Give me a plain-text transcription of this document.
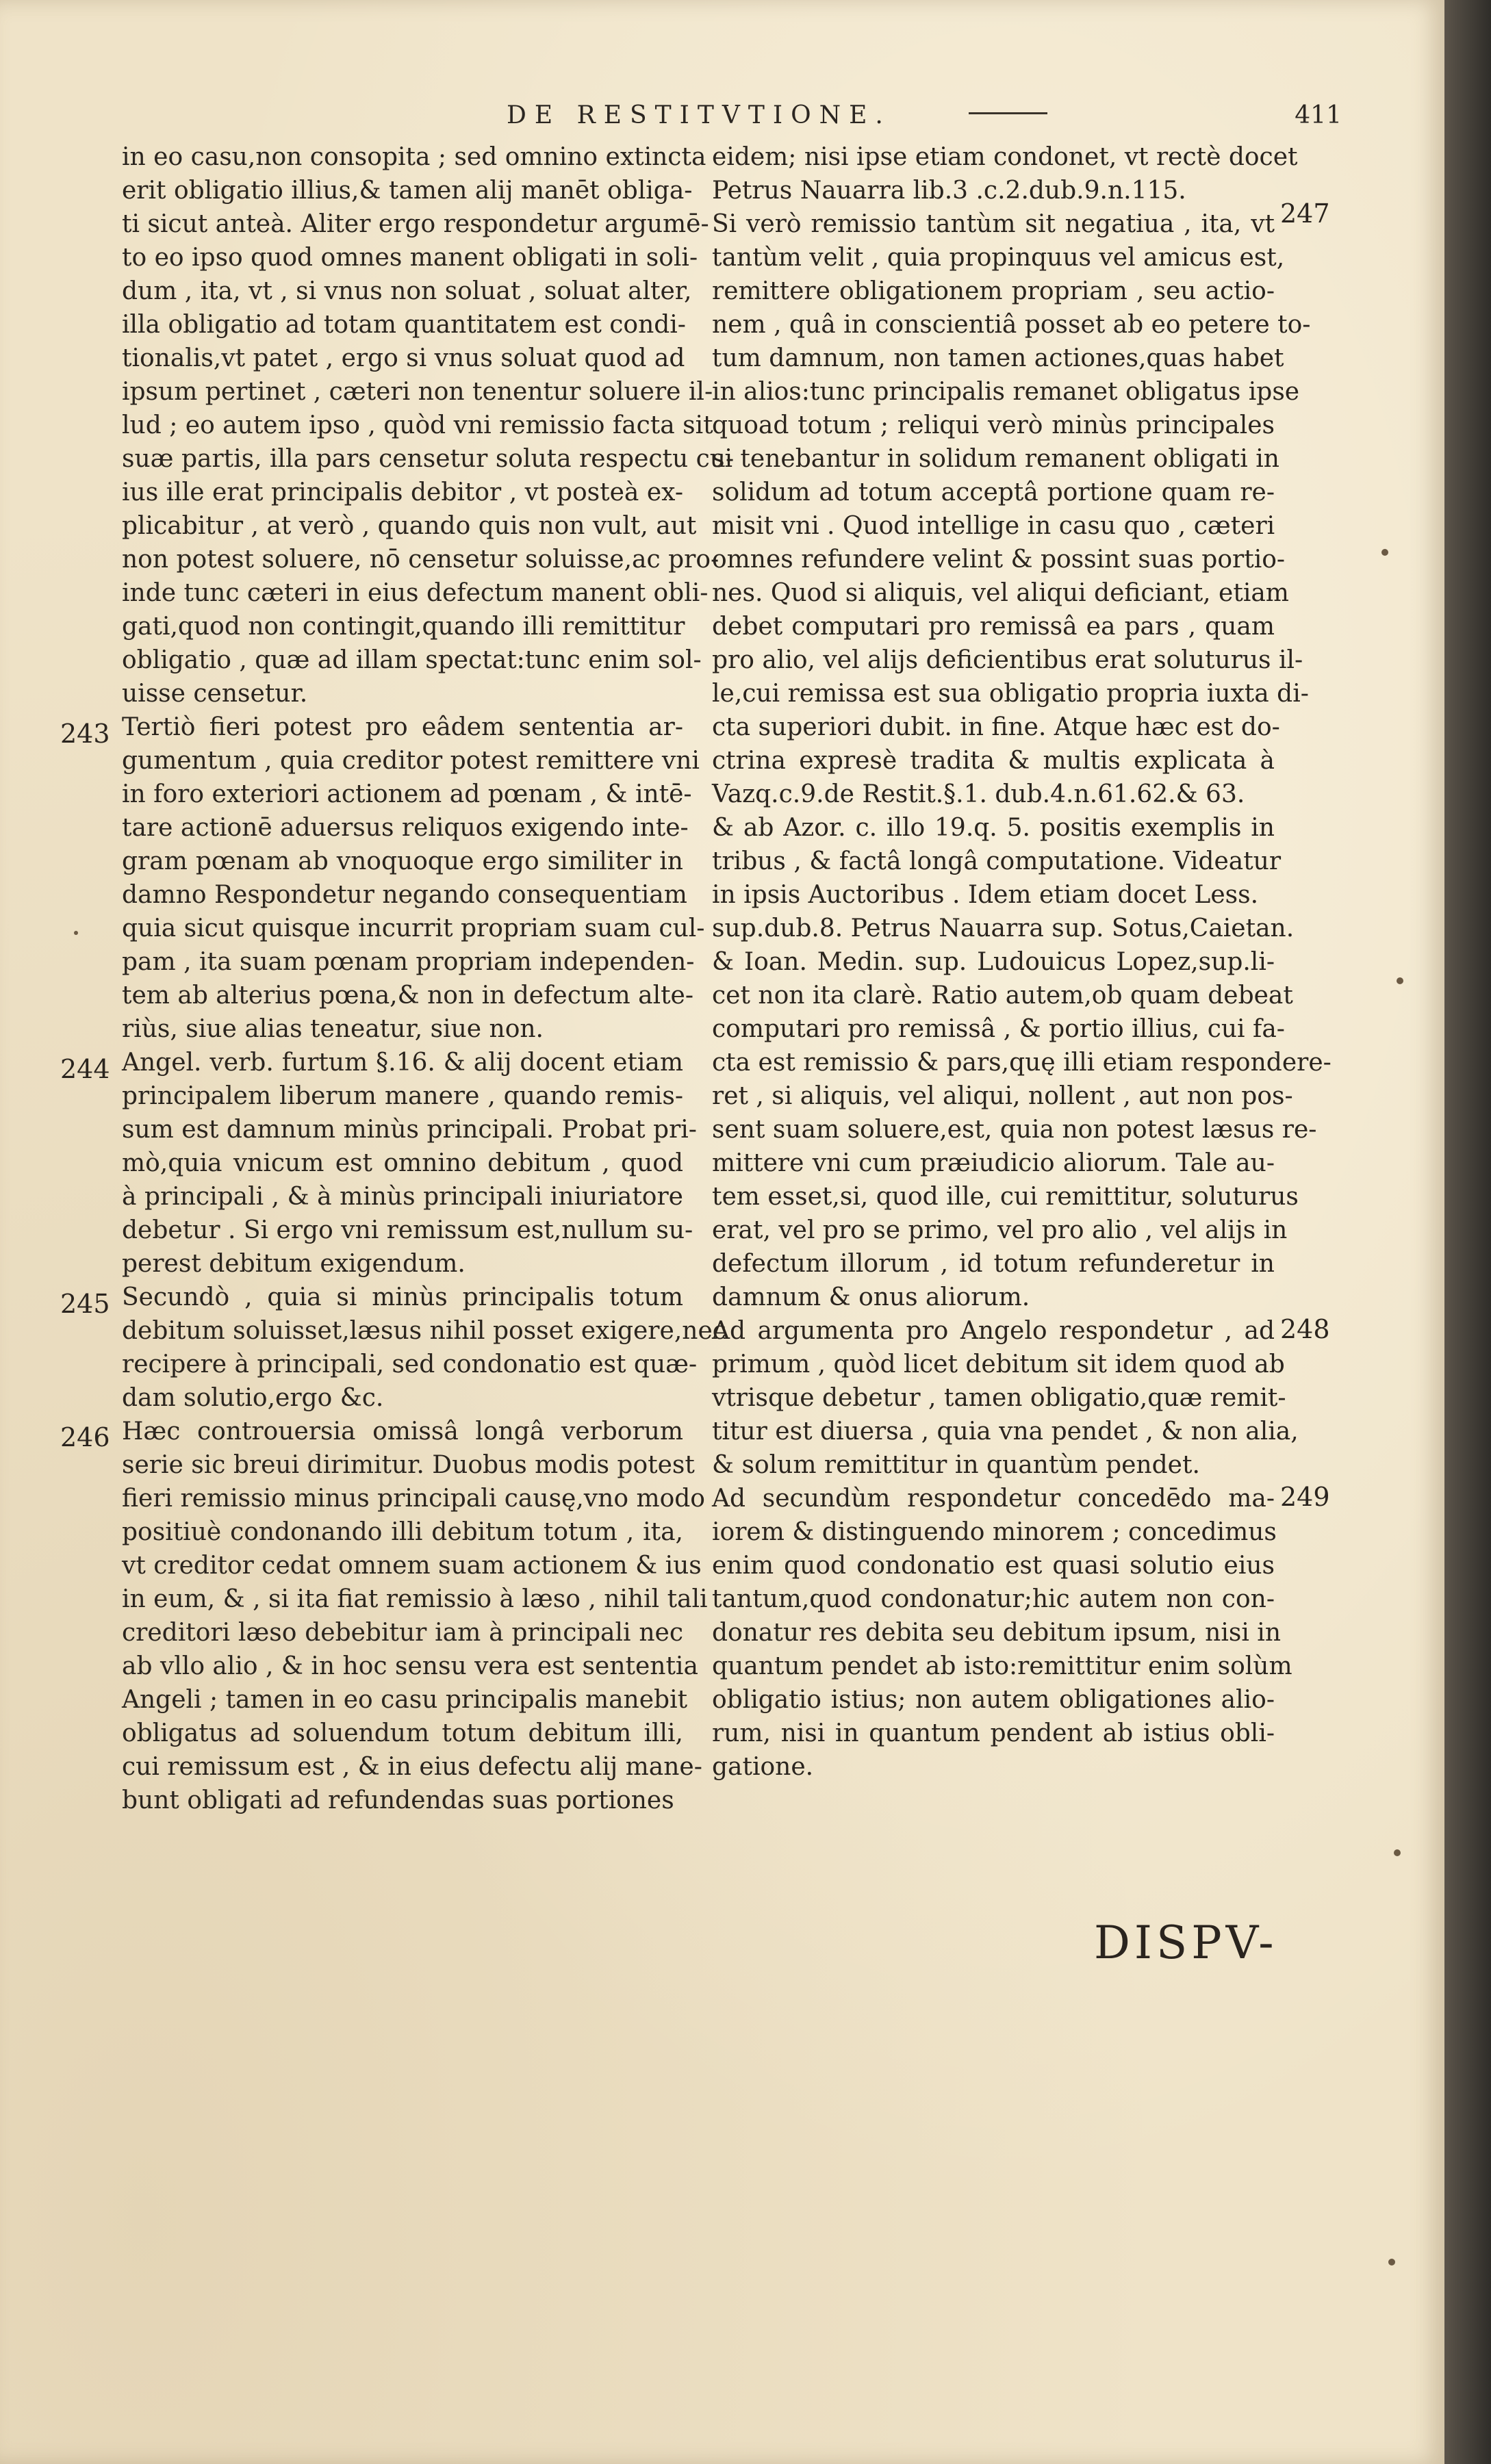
DE RESTITVTIONE.	411
in eo casu,non consopita ; sed omnino extincta
erit obligatio illius,& tamen alij manēt obliga-
ti sicut anteà. Aliter ergo respondetur argumē-
to eo ipso quod omnes manent obligati in soli-
dum , ita, vt , si vnus non soluat , soluat alter,
illa obligatio ad totam quantitatem est condi-
tionalis,vt patet , ergo si vnus soluat quod ad
ipsum pertinet , cæteri non tenentur soluere il-
lud ; eo autem ipso , quòd vni remissio facta sit
suæ partis, illa pars censetur soluta respectu cu-
ius ille erat principalis debitor , vt posteà ex-
plicabitur , at verò , quando quis non vult, aut
non potest soluere, nō censetur soluisse,ac pro-
inde tunc cæteri in eius defectum manent obli-
gati,quod non contingit,quando illi remittitur
obligatio , quæ ad illam spectat:tunc enim sol-
uisse censetur.
Tertiò fieri potest pro eâdem sententia ar-
gumentum , quia creditor potest remittere vni
in foro exteriori actionem ad pœnam , & intē-
tare actionē aduersus reliquos exigendo inte-
gram pœnam ab vnoquoque ergo similiter in
damno Respondetur negando consequentiam
quia sicut quisque incurrit propriam suam cul-
pam , ita suam pœnam propriam independen-
tem ab alterius pœna,& non in defectum alte-
riùs, siue alias teneatur, siue non.
Angel. verb. furtum §.16. & alij docent etiam
principalem liberum manere , quando remis-
sum est damnum minùs principali. Probat pri-
mò,quia vnicum est omnino debitum , quod
à principali , & à minùs principali iniuriatore
debetur . Si ergo vni remissum est,nullum su-
perest debitum exigendum.
Secundò , quia si minùs principalis totum
debitum soluisset,læsus nihil posset exigere,nec
recipere à principali, sed condonatio est quæ-
dam solutio,ergo &c.
Hæc controuersia omissâ longâ verborum
serie sic breui dirimitur. Duobus modis potest
fieri remissio minus principali causę,vno modo
positiuè condonando illi debitum totum , ita,
vt creditor cedat omnem suam actionem & ius
in eum, & , si ita fiat remissio à læso , nihil tali
creditori læso debebitur iam à principali nec
ab vllo alio , & in hoc sensu vera est sententia
Angeli ; tamen in eo casu principalis manebit
obligatus ad soluendum totum debitum illi,
cui remissum est , & in eius defectu alij mane-
bunt obligati ad refundendas suas portiones
eidem; nisi ipse etiam condonet, vt rectè docet
Petrus Nauarra lib.3 .c.2.dub.9.n.115.
Si verò remissio tantùm sit negatiua , ita, vt
tantùm velit , quia propinquus vel amicus est,
remittere obligationem propriam , seu actio-
nem , quâ in conscientiâ posset ab eo petere to-
tum damnum, non tamen actiones,quas habet
in alios:tunc principalis remanet obligatus ipse
quoad totum ; reliqui verò minùs principales
si tenebantur in solidum remanent obligati in
solidum ad totum acceptâ portione quam re-
misit vni . Quod intellige in casu quo , cæteri
omnes refundere velint & possint suas portio-
nes. Quod si aliquis, vel aliqui deficiant, etiam
debet computari pro remissâ ea pars , quam
pro alio, vel alijs deficientibus erat soluturus il-
le,cui remissa est sua obligatio propria iuxta di-
cta superiori dubit. in fine. Atque hæc est do-
ctrina expresè tradita & multis explicata à
Vazq.c.9.de Restit.§.1. dub.4.n.61.62.& 63.
& ab Azor. c. illo 19.q. 5. positis exemplis in
tribus , & factâ longâ computatione. Videatur
in ipsis Auctoribus . Idem etiam docet Less.
sup.dub.8. Petrus Nauarra sup. Sotus,Caietan.
& Ioan. Medin. sup. Ludouicus Lopez,sup.li-
cet non ita clarè. Ratio autem,ob quam debeat
computari pro remissâ , & portio illius, cui fa-
cta est remissio & pars,quę illi etiam respondere-
ret , si aliquis, vel aliqui, nollent , aut non pos-
sent suam soluere,est, quia non potest læsus re-
mittere vni cum præiudicio aliorum. Tale au-
tem esset,si, quod ille, cui remittitur, soluturus
erat, vel pro se primo, vel pro alio , vel alijs in
defectum illorum , id totum refunderetur in
damnum & onus aliorum.
Ad argumenta pro Angelo respondetur , ad
primum , quòd licet debitum sit idem quod ab
vtrisque debetur , tamen obligatio,quæ remit-
titur est diuersa , quia vna pendet , & non alia,
& solum remittitur in quantùm pendet.
Ad secundùm respondetur concedēdo ma-
iorem & distinguendo minorem ; concedimus
enim quod condonatio est quasi solutio eius
tantum,quod condonatur;hic autem non con-
donatur res debita seu debitum ipsum, nisi in
quantum pendet ab isto:remittitur enim solùm
obligatio istius; non autem obligationes alio-
rum, nisi in quantum pendent ab istius obli-
gatione.
243
244
245
246
247
248
249
DISPV-
